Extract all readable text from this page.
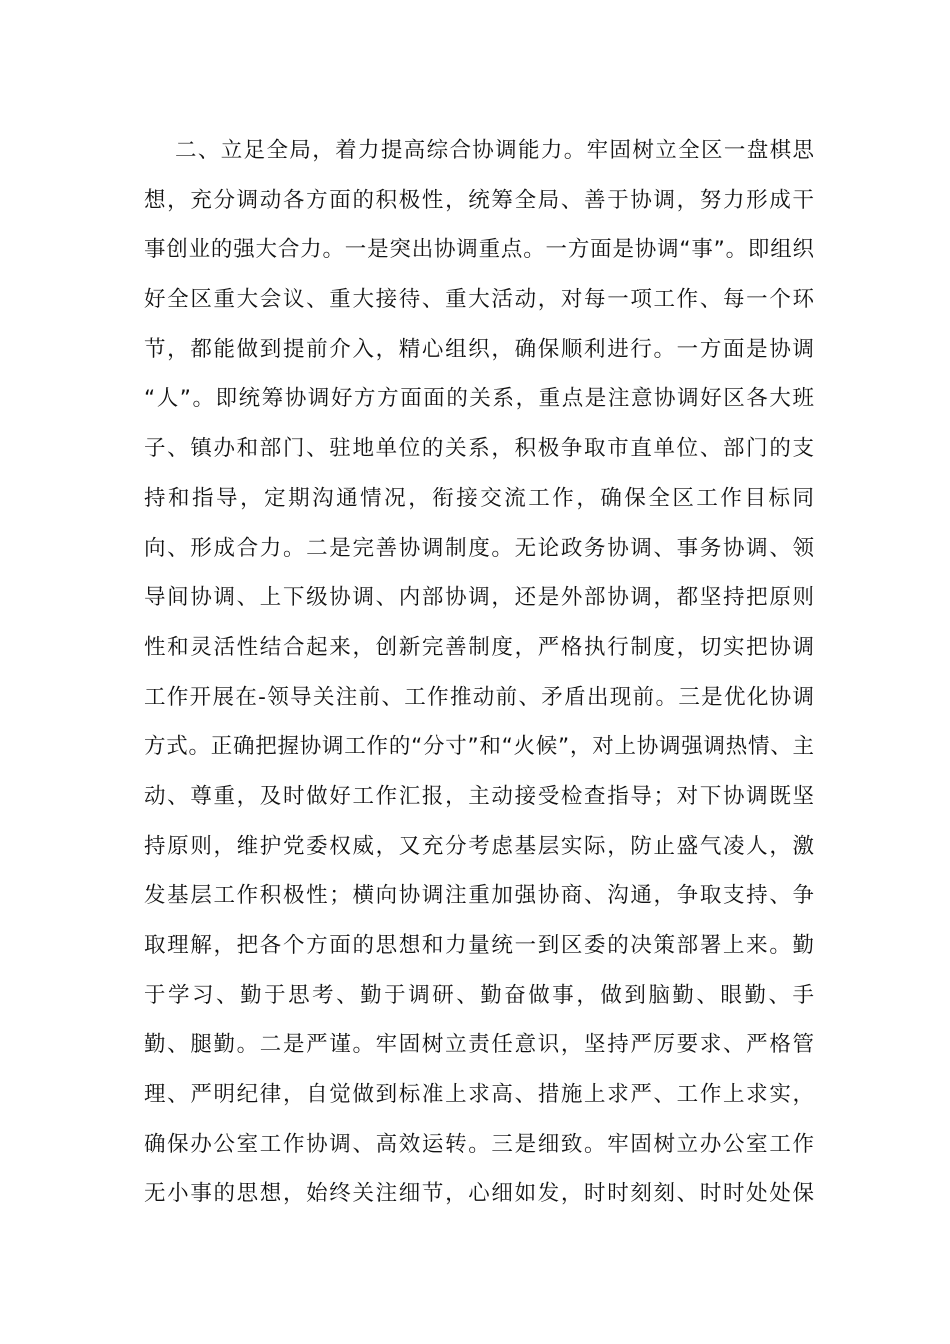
二、立足全局，着力提高综合协调能力。牢固树立全区一盘棋思
想，充分调动各方面的积极性，统筹全局、善于协调，努力形成干
事创业的强大合力。一是突出协调重点。一方面是协调“事”。即组织
好全区重大会议、重大接待、重大活动，对每一项工作、每一个环
节，都能做到提前介入，精心组织，确保顺利进行。一方面是协调
“人”。即统筹协调好方方面面的关系，重点是注意协调好区各大班
子、镇办和部门、驻地单位的关系，积极争取市直单位、部门的支
持和指导，定期沟通情况，衔接交流工作，确保全区工作目标同
向、形成合力。二是完善协调制度。无论政务协调、事务协调、领
导间协调、上下级协调、内部协调，还是外部协调，都坚持把原则
性和灵活性结合起来，创新完善制度，严格执行制度，切实把协调
工作开展在-领导关注前、工作推动前、矛盾出现前。三是优化协调
方式。正确把握协调工作的“分寸”和“火候”，对上协调强调热情、主
动、尊重，及时做好工作汇报，主动接受检查指导；对下协调既坚
持原则，维护党委权威，又充分考虑基层实际，防止盛气凌人，激
发基层工作积极性；横向协调注重加强协商、沟通，争取支持、争
取理解，把各个方面的思想和力量统一到区委的决策部署上来。勤
于学习、勤于思考、勤于调研、勤奋做事，做到脑勤、眼勤、手
勤、腿勤。二是严谨。牢固树立责任意识，坚持严厉要求、严格管
理、严明纪律，自觉做到标准上求高、措施上求严、工作上求实，
确保办公室工作协调、高效运转。三是细致。牢固树立办公室工作
无小事的思想，始终关注细节，心细如发，时时刻刻、时时处处保
